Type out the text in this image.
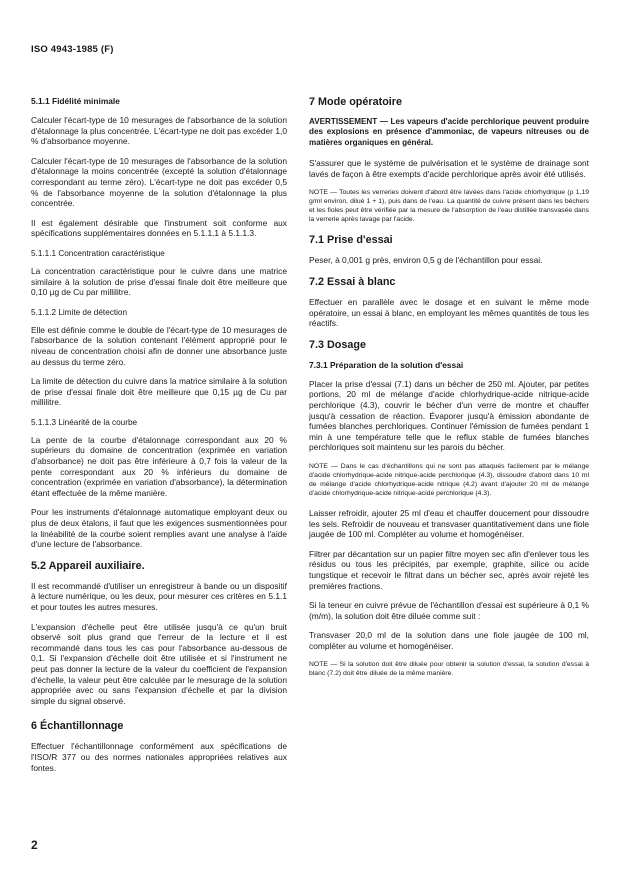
ISO 4943-1985 (F)
5.1.1 Fidélité minimale

Calculer l'écart-type de 10 mesurages de l'absorbance de la solution d'étalonnage la plus concentrée. L'écart-type ne doit pas excéder 1,0 % d'absorbance moyenne.

Calculer l'écart-type de 10 mesurages de l'absorbance de la solution d'étalonnage la moins concentrée (excepté la solution d'étalonnage correspondant au terme zéro). L'écart-type ne doit pas excéder 0,5 % de l'absorbance moyenne de la solution d'étalonnage la plus concentrée.

Il est également désirable que l'instrument soit conforme aux spécifications supplémentaires données en 5.1.1.1 à 5.1.1.3.

5.1.1.1 Concentration caractéristique

La concentration caractéristique pour le cuivre dans une matrice similaire à la solution de prise d'essai finale doit être meilleure que 0,10 µg de Cu par millilitre.

5.1.1.2 Limite de détection

Elle est définie comme le double de l'écart-type de 10 mesurages de l'absorbance de la solution contenant l'élément approprié pour le niveau de concentration choisi afin de donner une absorbance juste au dessus du terme zéro.

La limite de détection du cuivre dans la matrice similaire à la solution de prise d'essai finale doit être meilleure que 0,15 µg de Cu par millilitre.

5.1.1.3 Linéarité de la courbe

La pente de la courbe d'étalonnage correspondant aux 20 % supérieurs du domaine de concentration (exprimée en variation d'absorbance) ne doit pas être inférieure à 0,7 fois la valeur de la pente correspondant aux 20 % inférieurs du domaine de concentration (exprimée en variation d'absorbance), la détermination étant effectuée de la même manière.

Pour les instruments d'étalonnage automatique employant deux ou plus de deux étalons, il faut que les exigences susmentionnées pour la linéabilité de la courbe soient remplies avant une analyse à l'aide d'une lecture de l'absorbance.

5.2 Appareil auxiliaire.

Il est recommandé d'utiliser un enregistreur à bande ou un dispositif à lecture numérique, ou les deux, pour mesurer ces critères en 5.1.1 et pour toutes les autres mesures.

L'expansion d'échelle peut être utilisée jusqu'à ce qu'un bruit observé soit plus grand que l'erreur de la lecture et il est recommandé dans tous les cas pour l'absorbance au-dessous de 0,1. Si l'expansion d'échelle doit être utilisée et si l'instrument ne peut pas donner la lecture de la valeur du coefficient de l'expansion d'échelle, la valeur peut être calculée par le mesurage de la solution appropriée avec ou sans l'expansion d'échelle et par la division simple du signal observé.

6 Échantillonnage

Effectuer l'échantillonnage conformément aux spécifications de l'ISO/R 377 ou des normes nationales appropriées relatives aux fontes.

7 Mode opératoire
AVERTISSEMENT — Les vapeurs d'acide perchlorique peuvent produire des explosions en présence d'ammoniac, de vapeurs nitreuses ou de matières organiques en général.

S'assurer que le système de pulvérisation et le système de drainage sont lavés de façon à être exempts d'acide perchlorique après avoir été utilisés.

NOTE — Toutes les verreries doivent d'abord être lavées dans l'acide chlorhydrique (ρ 1,19 g/ml environ, dilué 1 + 1), puis dans de l'eau. La quantité de cuivre présent dans les béchers et les fioles peut être vérifiée par la mesure de l'absorption de l'eau distillée transvasée dans la verrerie après lavage par l'acide.

7.1 Prise d'essai

Peser, à 0,001 g près, environ 0,5 g de l'échantillon pour essai.

7.2 Essai à blanc

Effectuer en parallèle avec le dosage et en suivant le même mode opératoire, un essai à blanc, en employant les mêmes quantités de tous les réactifs.

7.3 Dosage
7.3.1 Préparation de la solution d'essai

Placer la prise d'essai (7.1) dans un bécher de 250 ml. Ajouter, par petites portions, 20 ml de mélange d'acide chlorhydrique-acide nitrique-acide perchlorique (4.3), couvrir le bécher d'un verre de montre et chauffer jusqu'à cessation de réaction. Évaporer jusqu'à émission abondante de fumées blanches perchloriques. Continuer l'émission de fumées pendant 1 min à une température telle que le reflux stable de fumées blanches perchloriques soit maintenu sur les parois du bécher.

NOTE — Dans le cas d'échantillons qui ne sont pas attaqués facilement par le mélange d'acide chlorhydrique-acide nitrique-acide perchlorique (4.3), dissoudre d'abord dans 10 ml de mélange d'acide chlorhydrique-acide nitrique (4.2) avant d'ajouter 20 ml de mélange d'acide chlorhydrique-acide nitrique-acide perchlorique (4.3).

Laisser refroidir, ajouter 25 ml d'eau et chauffer doucement pour dissoudre les sels. Refroidir de nouveau et transvaser quantitativement dans une fiole jaugée de 100 ml. Compléter au volume et homogénéiser.

Filtrer par décantation sur un papier filtre moyen sec afin d'enlever tous les résidus ou tous les précipités, par exemple, graphite, silice ou acide tungstique et recevoir le filtrat dans un bécher sec, après avoir rejeté les premières fractions.

Si la teneur en cuivre prévue de l'échantillon d'essai est supérieure à 0,1 % (m/m), la solution doit être diluée comme suit :

Transvaser 20,0 ml de la solution dans une fiole jaugée de 100 ml, compléter au volume et homogénéiser.

NOTE — Si la solution doit être diluée pour obtenir la solution d'essai, la solution d'essai à blanc (7.2) doit être diluée de la même manière.

2
